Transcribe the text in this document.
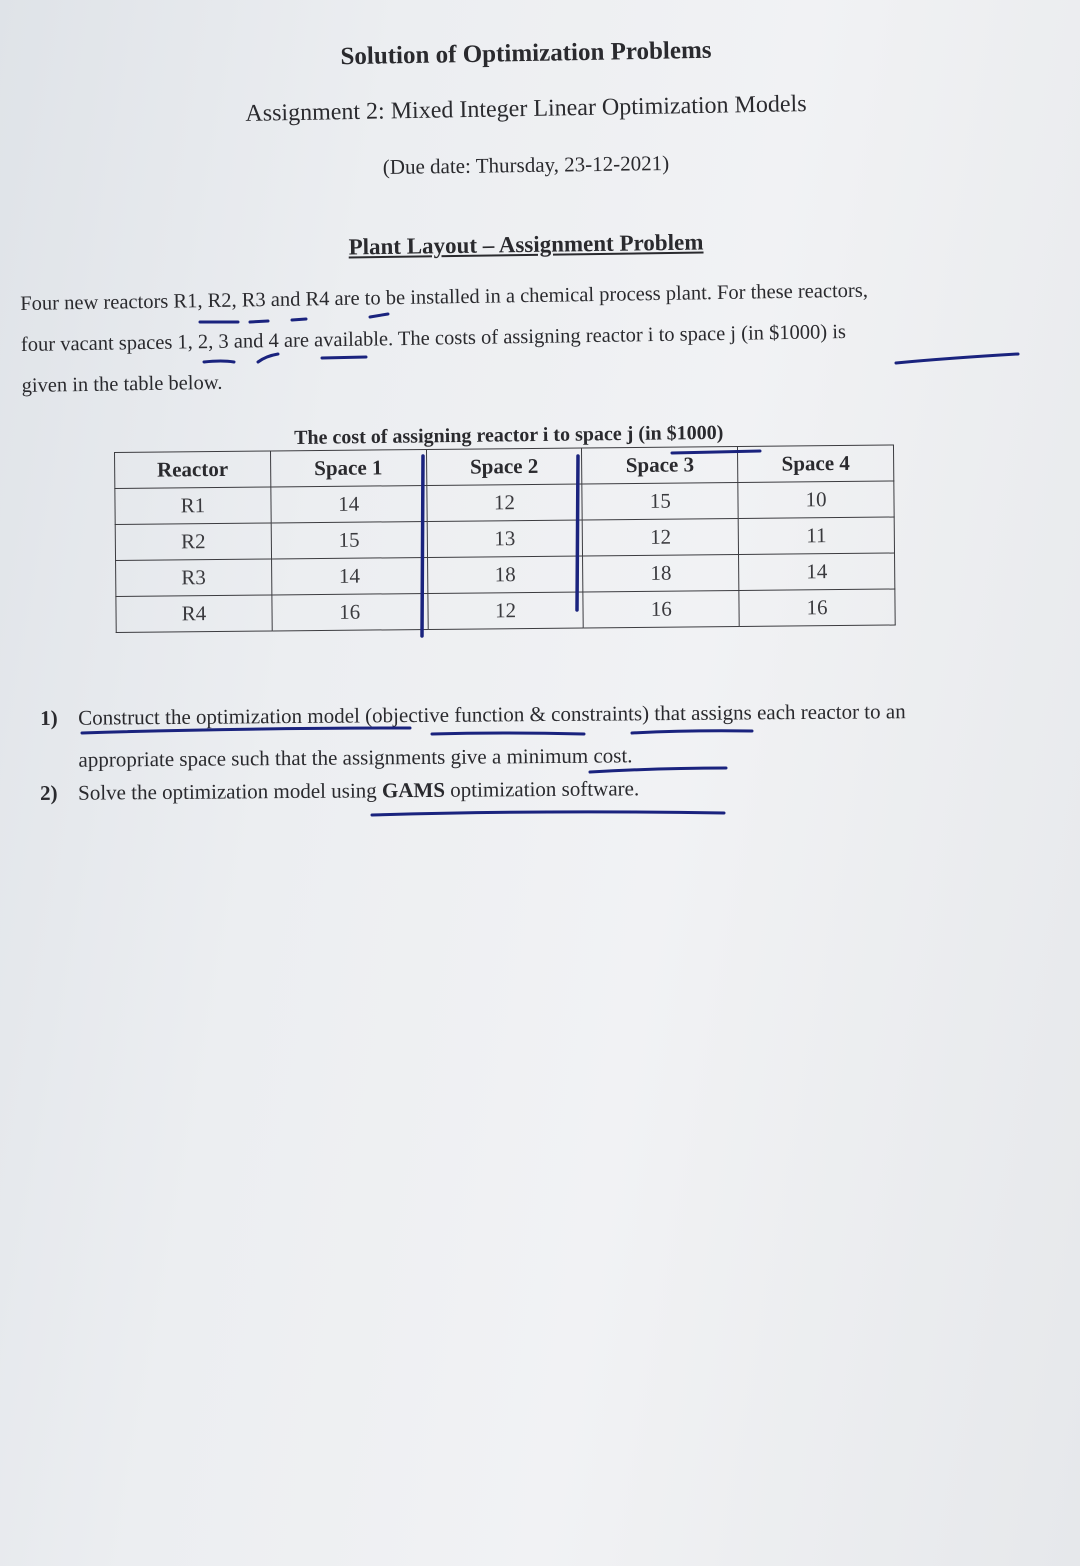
Solution of Optimization Problems
Assignment 2: Mixed Integer Linear Optimization Models
(Due date: Thursday, 23-12-2021)
Plant Layout – Assignment Problem
Four new reactors R1, R2, R3 and R4 are to be installed in a chemical process plant. For these reactors,
four vacant spaces 1, 2, 3 and 4 are available. The costs of assigning reactor i to space j (in $1000) is
given in the table below.
The cost of assigning reactor i to space j (in $1000)
Reactor	Space 1	Space 2	Space 3	Space 4
R1	14	12	15	10
R2	15	13	12	11
R3	14	18	18	14
R4	16	12	16	16
1) Construct the optimization model (objective function & constraints) that assigns each reactor to an
appropriate space such that the assignments give a minimum cost.
2) Solve the optimization model using GAMS optimization software.
